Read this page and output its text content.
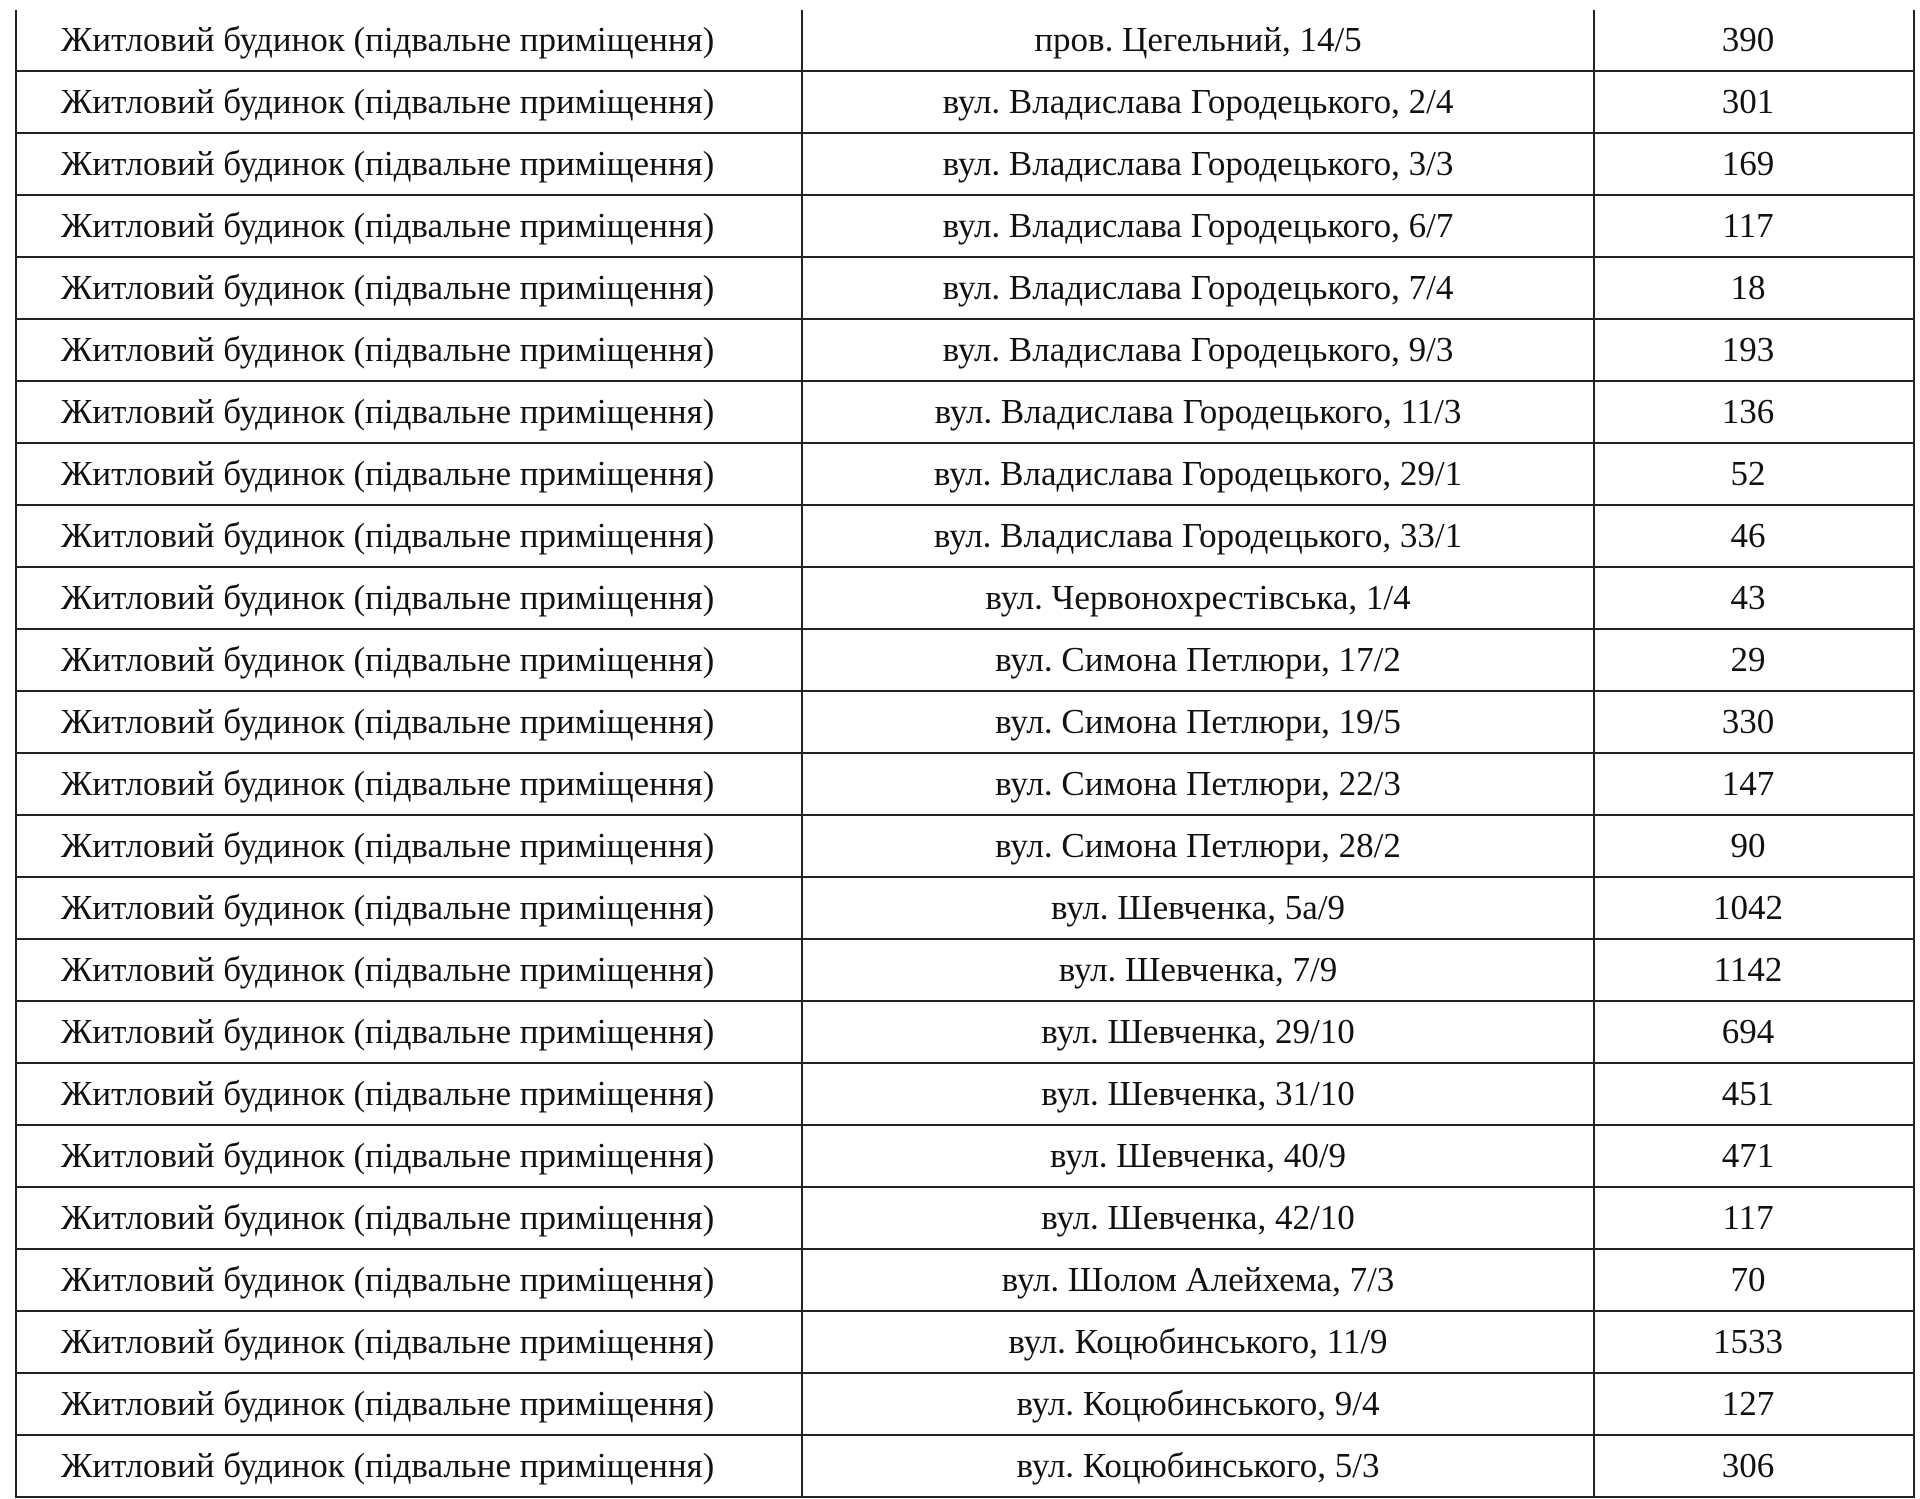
Житловий будинок (підвальне приміщення)	пров. Цегельний, 14/5	390
Житловий будинок (підвальне приміщення)	вул. Владислава Городецького, 2/4	301
Житловий будинок (підвальне приміщення)	вул. Владислава Городецького, 3/3	169
Житловий будинок (підвальне приміщення)	вул. Владислава Городецького, 6/7	117
Житловий будинок (підвальне приміщення)	вул. Владислава Городецького, 7/4	18
Житловий будинок (підвальне приміщення)	вул. Владислава Городецького, 9/3	193
Житловий будинок (підвальне приміщення)	вул. Владислава Городецького, 11/3	136
Житловий будинок (підвальне приміщення)	вул. Владислава Городецького, 29/1	52
Житловий будинок (підвальне приміщення)	вул. Владислава Городецького, 33/1	46
Житловий будинок (підвальне приміщення)	вул. Червонохрестівська, 1/4	43
Житловий будинок (підвальне приміщення)	вул. Симона Петлюри, 17/2	29
Житловий будинок (підвальне приміщення)	вул. Симона Петлюри, 19/5	330
Житловий будинок (підвальне приміщення)	вул. Симона Петлюри, 22/3	147
Житловий будинок (підвальне приміщення)	вул. Симона Петлюри, 28/2	90
Житловий будинок (підвальне приміщення)	вул. Шевченка, 5а/9	1042
Житловий будинок (підвальне приміщення)	вул. Шевченка, 7/9	1142
Житловий будинок (підвальне приміщення)	вул. Шевченка, 29/10	694
Житловий будинок (підвальне приміщення)	вул. Шевченка, 31/10	451
Житловий будинок (підвальне приміщення)	вул. Шевченка, 40/9	471
Житловий будинок (підвальне приміщення)	вул. Шевченка, 42/10	117
Житловий будинок (підвальне приміщення)	вул. Шолом Алейхема, 7/3	70
Житловий будинок (підвальне приміщення)	вул. Коцюбинського, 11/9	1533
Житловий будинок (підвальне приміщення)	вул. Коцюбинського, 9/4	127
Житловий будинок (підвальне приміщення)	вул. Коцюбинського, 5/3	306
